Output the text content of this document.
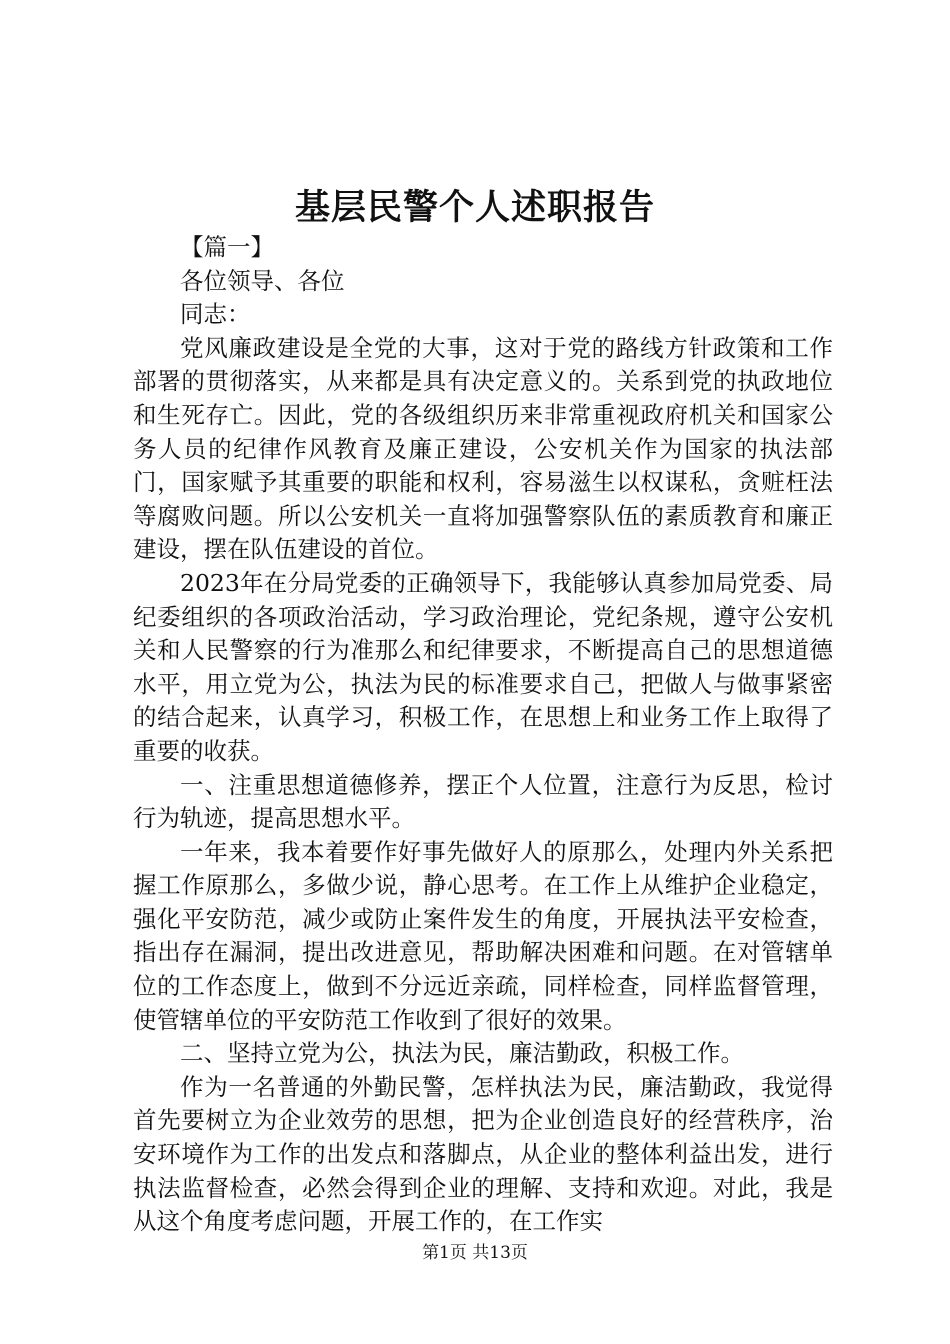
基层民警个人述职报告

【篇一】

各位领导、各位

同志：

党风廉政建设是全党的大事，这对于党的路线方针政策和工作部署的贯彻落实，从来都是具有决定意义的。关系到党的执政地位和生死存亡。因此，党的各级组织历来非常重视政府机关和国家公务人员的纪律作风教育及廉正建设，公安机关作为国家的执法部门，国家赋予其重要的职能和权利，容易滋生以权谋私，贪赃枉法等腐败问题。所以公安机关一直将加强警察队伍的素质教育和廉正建设，摆在队伍建设的首位。

2023年在分局党委的正确领导下，我能够认真参加局党委、局纪委组织的各项政治活动，学习政治理论，党纪条规，遵守公安机关和人民警察的行为准那么和纪律要求，不断提高自己的思想道德水平，用立党为公，执法为民的标准要求自己，把做人与做事紧密的结合起来，认真学习，积极工作，在思想上和业务工作上取得了重要的收获。

一、注重思想道德修养，摆正个人位置，注意行为反思，检讨行为轨迹，提高思想水平。

一年来，我本着要作好事先做好人的原那么，处理内外关系把握工作原那么，多做少说，静心思考。在工作上从维护企业稳定，强化平安防范，减少或防止案件发生的角度，开展执法平安检查，指出存在漏洞，提出改进意见，帮助解决困难和问题。在对管辖单位的工作态度上，做到不分远近亲疏，同样检查，同样监督管理，使管辖单位的平安防范工作收到了很好的效果。

二、坚持立党为公，执法为民，廉洁勤政，积极工作。

作为一名普通的外勤民警，怎样执法为民，廉洁勤政，我觉得首先要树立为企业效劳的思想，把为企业创造良好的经营秩序，治安环境作为工作的出发点和落脚点，从企业的整体利益出发，进行执法监督检查，必然会得到企业的理解、支持和欢迎。对此，我是从这个角度考虑问题，开展工作的，在工作实

第1页 共13页
